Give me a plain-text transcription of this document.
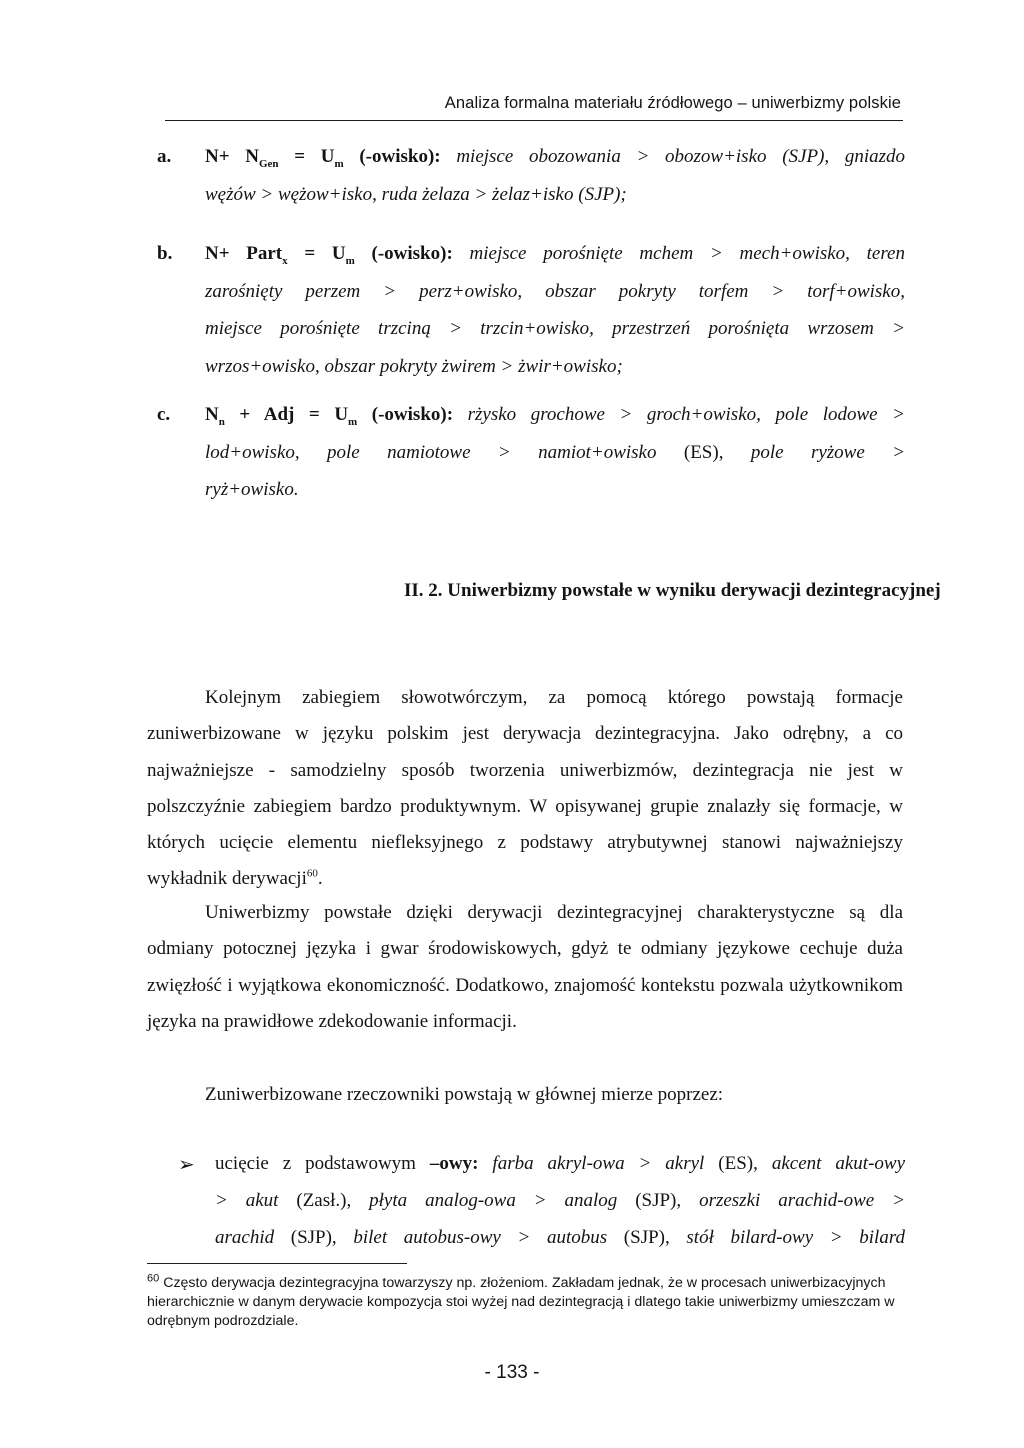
Analiza formalna materiału źródłowego – uniwerbizmy polskie
a. $N+ N_{Gen} = U_m$ (-owisko): miejsce obozowania > obozow+isko (SJP), gniazdo
wężów > wężow+isko, ruda żelaza > żelaz+isko (SJP);
b. N+ Part$_x$ = $U_m$ (-owisko): miejsce porośnięte mchem > mech+owisko, teren
zarośnięty perzem > perz+owisko, obszar pokryty torfem > torf+owisko,
miejsce porośnięte trzciną > trzcin+owisko, przestrzeń porośnięta wrzosem >
wrzos+owisko, obszar pokryty żwirem > żwir+owisko;
c. $N_n$ + Adj = $U_m$ (-owisko): rżysko grochowe > groch+owisko, pole lodowe >
lod+owisko, pole namiotowe > namiot+owisko (ES), pole ryżowe >
ryż+owisko.
II. 2. Uniwerbizmy powstałe w wyniku derywacji dezintegracyjnej

Kolejnym zabiegiem słowotwórczym, za pomocą którego powstają formacje zuniwerbizowane w języku polskim jest derywacja dezintegracyjna. Jako odrębny, a co najważniejsze - samodzielny sposób tworzenia uniwerbizmów, dezintegracja nie jest w polszczyźnie zabiegiem bardzo produktywnym. W opisywanej grupie znalazły się formacje, w których ucięcie elementu niefleksyjnego z podstawy atrybutywnej stanowi najważniejszy wykładnik derywacji$^{60}$.

Uniwerbizmy powstałe dzięki derywacji dezintegracyjnej charakterystyczne są dla odmiany potocznej języka i gwar środowiskowych, gdyż te odmiany językowe cechuje duża zwięzłość i wyjątkowa ekonomiczność. Dodatkowo, znajomość kontekstu pozwala użytkownikom języka na prawidłowe zdekodowanie informacji.

Zuniwerbizowane rzeczowniki powstają w głównej mierze poprzez:
➢ ucięcie z podstawowym –owy: farba akryl-owa > akryl (ES), akcent akut-owy
> akut (Zasł.), płyta analog-owa > analog (SJP), orzeszki arachid-owe >
arachid (SJP), bilet autobus-owy > autobus (SJP), stół bilard-owy > bilard
$^{60}$ Często derywacja dezintegracyjna towarzyszy np. złożeniom. Zakładam jednak, że w procesach uniwerbizacyjnych hierarchicznie w danym derywacie kompozycja stoi wyżej nad dezintegracją i dlatego takie uniwerbizmy umieszczam w odrębnym podrozdziale.
- 133 -
